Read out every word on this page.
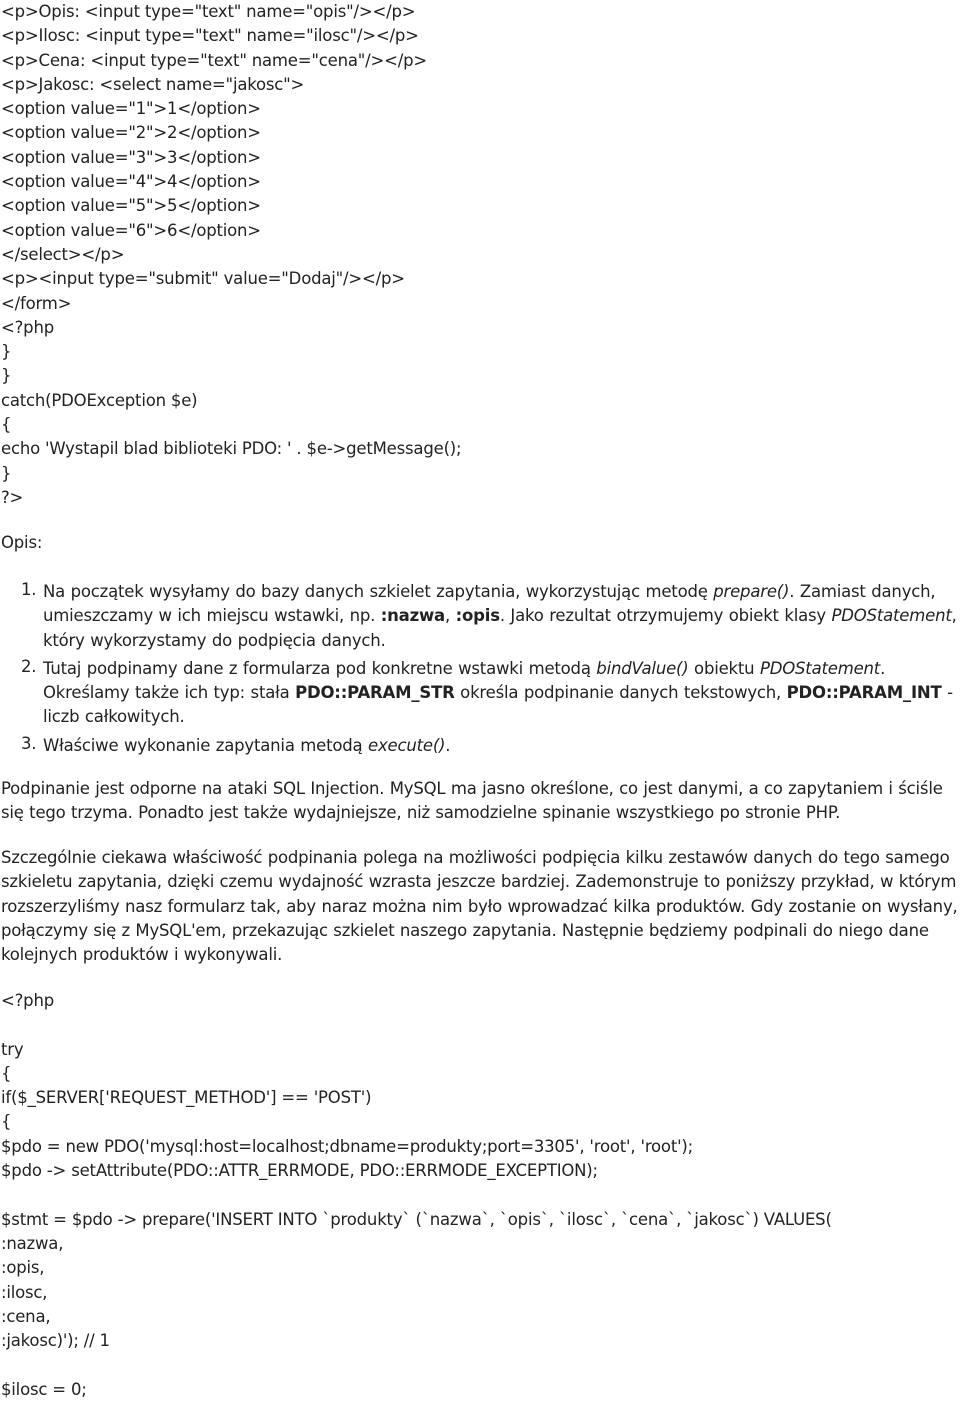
<p>Opis: <input type="text" name="opis"/></p>
<p>Ilosc: <input type="text" name="ilosc"/></p>
<p>Cena: <input type="text" name="cena"/></p>
<p>Jakosc: <select name="jakosc">
<option value="1">1</option>
<option value="2">2</option>
<option value="3">3</option>
<option value="4">4</option>
<option value="5">5</option>
<option value="6">6</option>
</select></p>
<p><input type="submit" value="Dodaj"/></p>
</form>
<?php
}
}
catch(PDOException $e)
{
echo 'Wystapil blad biblioteki PDO: ' . $e->getMessage();
}
?>
Opis:
1. Na początek wysyłamy do bazy danych szkielet zapytania, wykorzystując metodę prepare(). Zamiast danych, umieszczamy w ich miejscu wstawki, np. :nazwa, :opis. Jako rezultat otrzymujemy obiekt klasy PDOStatement, który wykorzystamy do podpięcia danych.
2. Tutaj podpinamy dane z formularza pod konkretne wstawki metodą bindValue() obiektu PDOStatement. Określamy także ich typ: stała PDO::PARAM_STR określa podpinanie danych tekstowych, PDO::PARAM_INT - liczb całkowitych.
3. Właściwe wykonanie zapytania metodą execute().
Podpinanie jest odporne na ataki SQL Injection. MySQL ma jasno określone, co jest danymi, a co zapytaniem i ściśle się tego trzyma. Ponadto jest także wydajniejsze, niż samodzielne spinanie wszystkiego po stronie PHP.
Szczególnie ciekawa właściwość podpinania polega na możliwości podpięcia kilku zestawów danych do tego samego szkieletu zapytania, dzięki czemu wydajność wzrasta jeszcze bardziej. Zademonstruje to poniższy przykład, w którym rozszerzyliśmy nasz formularz tak, aby naraz można nim było wprowadzać kilka produktów. Gdy zostanie on wysłany, połączymy się z MySQL'em, przekazując szkielet naszego zapytania. Następnie będziemy podpinali do niego dane kolejnych produktów i wykonywali.
<?php
try
{
if($_SERVER['REQUEST_METHOD'] == 'POST')
{
$pdo = new PDO('mysql:host=localhost;dbname=produkty;port=3305', 'root', 'root');
$pdo -> setAttribute(PDO::ATTR_ERRMODE, PDO::ERRMODE_EXCEPTION);
$stmt = $pdo -> prepare('INSERT INTO `produkty` (`nazwa`, `opis`, `ilosc`, `cena`, `jakosc`) VALUES(
:nazwa,
:opis,
:ilosc,
:cena,
:jakosc)'); // 1
$ilosc = 0;
